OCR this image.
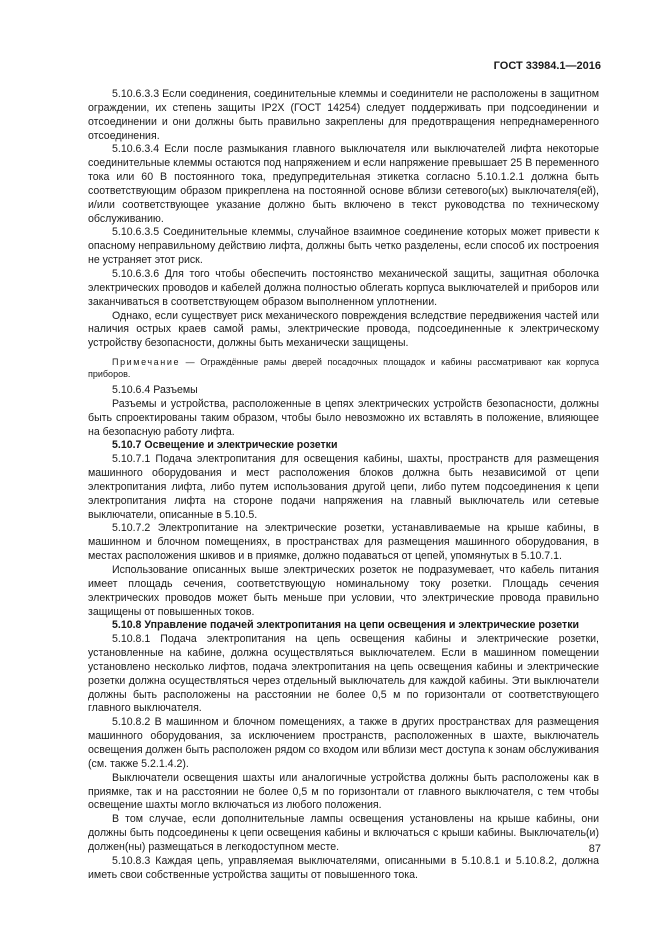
ГОСТ 33984.1—2016

5.10.6.3.3 Если соединения, соединительные клеммы и соединители не расположены в защитном ограждении, их степень защиты IP2X (ГОСТ 14254) следует поддерживать при подсоединении и отсоединении и они должны быть правильно закреплены для предотвращения непреднамеренного отсоединения.

5.10.6.3.4 Если после размыкания главного выключателя или выключателей лифта некоторые соединительные клеммы остаются под напряжением и если напряжение превышает 25 В переменного тока или 60 В постоянного тока, предупредительная этикетка согласно 5.10.1.2.1 должна быть соответствующим образом прикреплена на постоянной основе вблизи сетевого(ых) выключателя(ей), и/или соответствующее указание должно быть включено в текст руководства по техническому обслуживанию.

5.10.6.3.5 Соединительные клеммы, случайное взаимное соединение которых может привести к опасному неправильному действию лифта, должны быть четко разделены, если способ их построения не устраняет этот риск.

5.10.6.3.6 Для того чтобы обеспечить постоянство механической защиты, защитная оболочка электрических проводов и кабелей должна полностью облегать корпуса выключателей и приборов или заканчиваться в соответствующем образом выполненном уплотнении.

Однако, если существует риск механического повреждения вследствие передвижения частей или наличия острых краев самой рамы, электрические провода, подсоединенные к электрическому устройству безопасности, должны быть механически защищены.

Примечание — Ограждённые рамы дверей посадочных площадок и кабины рассматривают как корпуса приборов.

5.10.6.4 Разъемы

Разъемы и устройства, расположенные в цепях электрических устройств безопасности, должны быть спроектированы таким образом, чтобы было невозможно их вставлять в положение, влияющее на безопасную работу лифта.

5.10.7 Освещение и электрические розетки

5.10.7.1 Подача электропитания для освещения кабины, шахты, пространств для размещения машинного оборудования и мест расположения блоков должна быть независимой от цепи электропитания лифта, либо путем использования другой цепи, либо путем подсоединения к цепи электропитания лифта на стороне подачи напряжения на главный выключатель или сетевые выключатели, описанные в 5.10.5.

5.10.7.2 Электропитание на электрические розетки, устанавливаемые на крыше кабины, в машинном и блочном помещениях, в пространствах для размещения машинного оборудования, в местах расположения шкивов и в приямке, должно подаваться от цепей, упомянутых в 5.10.7.1.

Использование описанных выше электрических розеток не подразумевает, что кабель питания имеет площадь сечения, соответствующую номинальному току розетки. Площадь сечения электрических проводов может быть меньше при условии, что электрические провода правильно защищены от повышенных токов.

5.10.8 Управление подачей электропитания на цепи освещения и электрические розетки

5.10.8.1 Подача электропитания на цепь освещения кабины и электрические розетки, установленные на кабине, должна осуществляться выключателем. Если в машинном помещении установлено несколько лифтов, подача электропитания на цепь освещения кабины и электрические розетки должна осуществляться через отдельный выключатель для каждой кабины. Эти выключатели должны быть расположены на расстоянии не более 0,5 м по горизонтали от соответствующего главного выключателя.

5.10.8.2 В машинном и блочном помещениях, а также в других пространствах для размещения машинного оборудования, за исключением пространств, расположенных в шахте, выключатель освещения должен быть расположен рядом со входом или вблизи мест доступа к зонам обслуживания (см. также 5.2.1.4.2).

Выключатели освещения шахты или аналогичные устройства должны быть расположены как в приямке, так и на расстоянии не более 0,5 м по горизонтали от главного выключателя, с тем чтобы освещение шахты могло включаться из любого положения.

В том случае, если дополнительные лампы освещения установлены на крыше кабины, они должны быть подсоединены к цепи освещения кабины и включаться с крыши кабины. Выключатель(и) должен(ны) размещаться в легкодоступном месте.

5.10.8.3 Каждая цепь, управляемая выключателями, описанными в 5.10.8.1 и 5.10.8.2, должна иметь свои собственные устройства защиты от повышенного тока.

87
